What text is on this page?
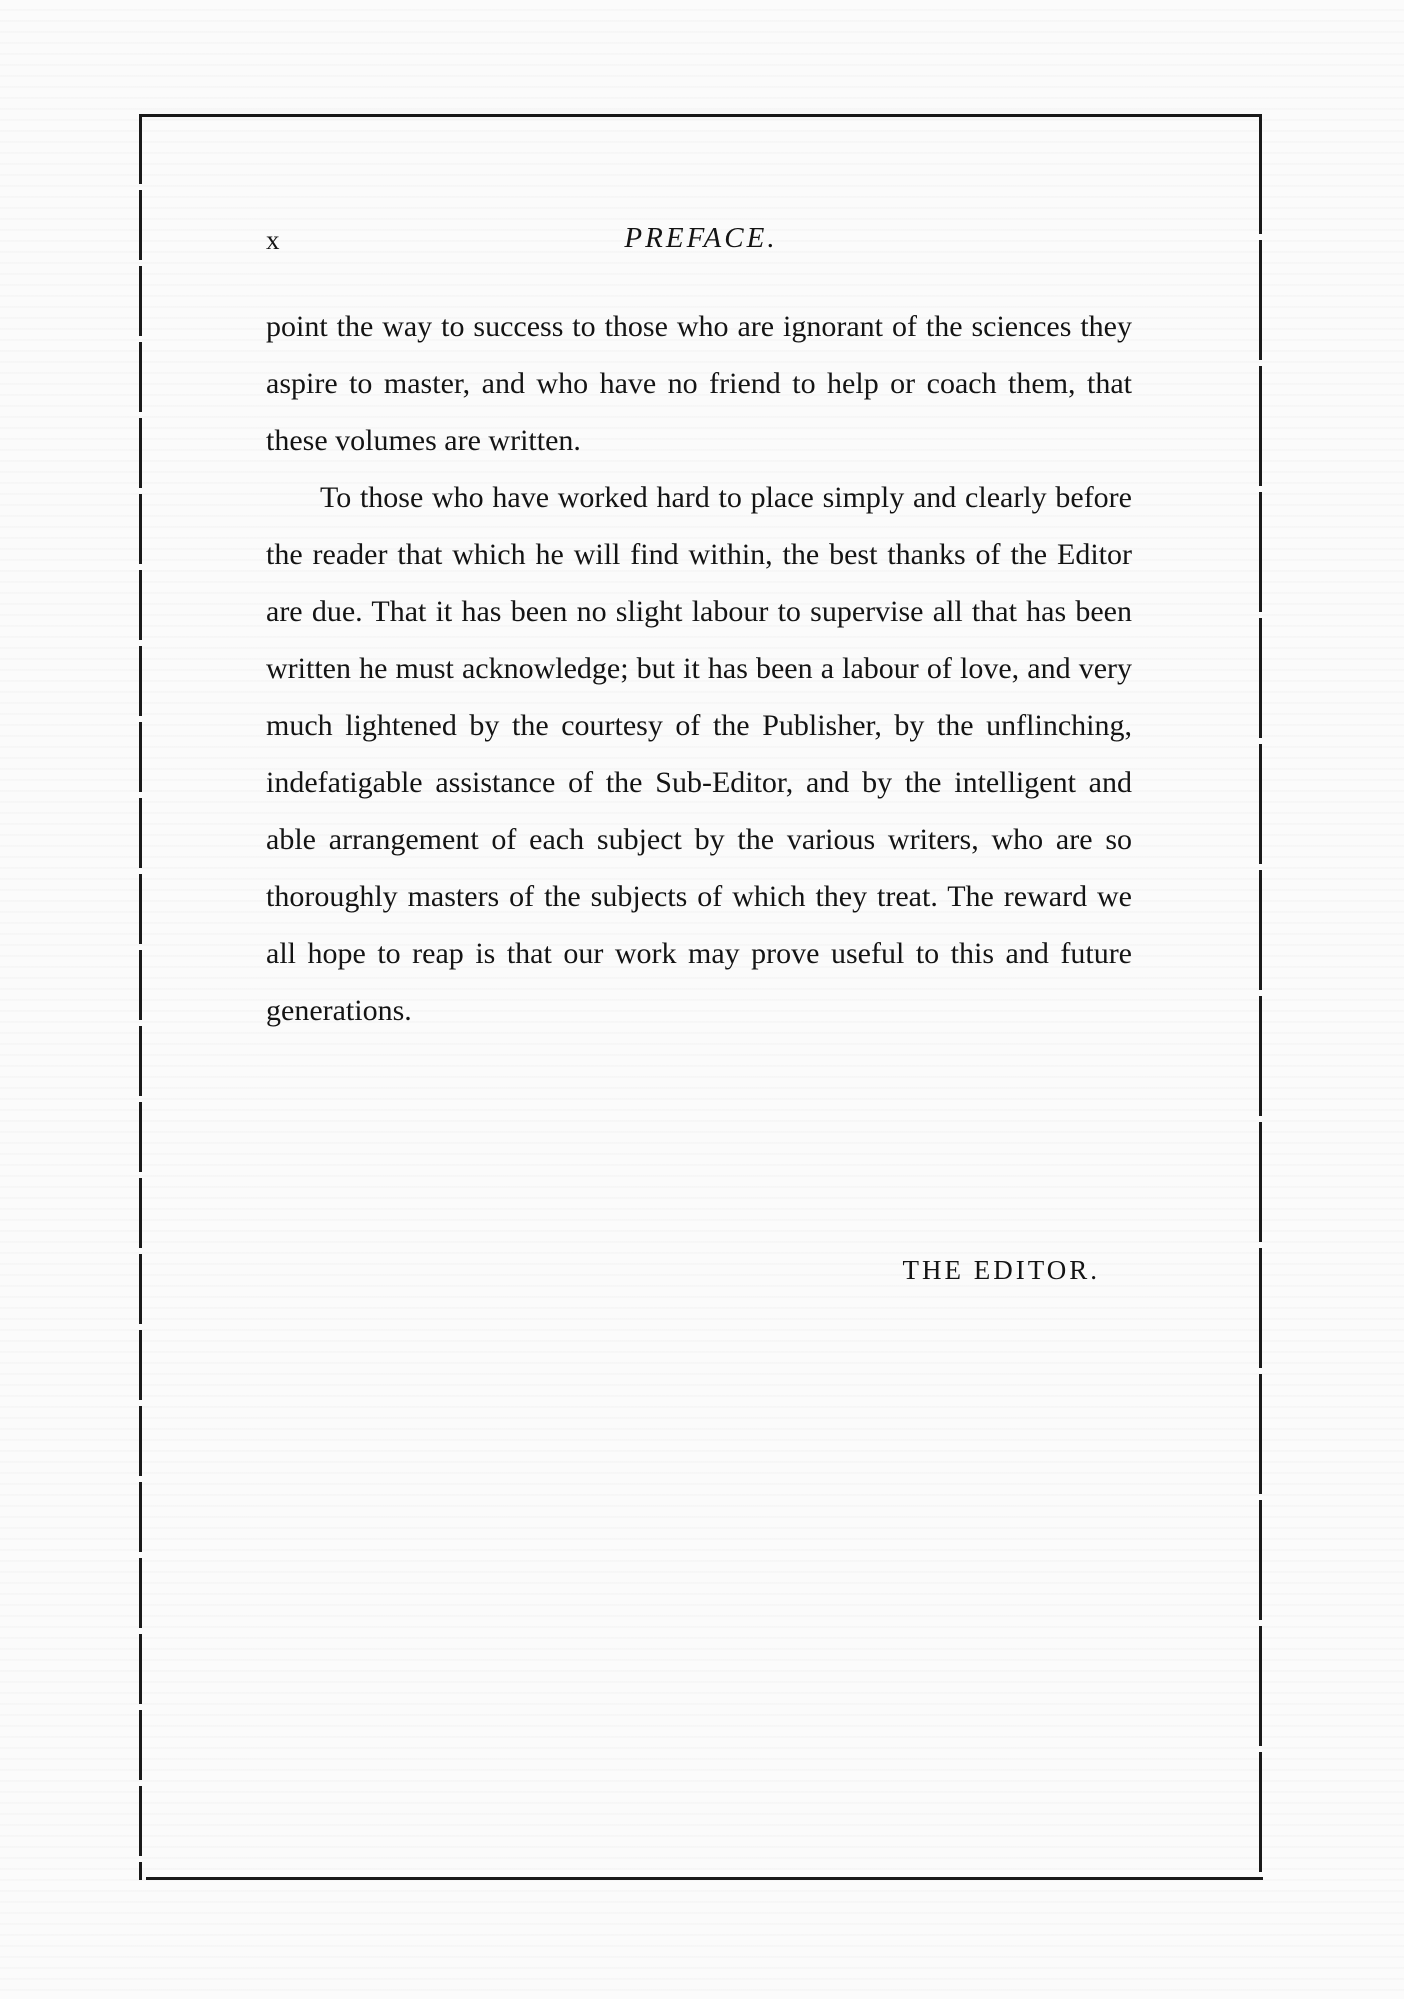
x	PREFACE.

point the way to success to those who are ignorant of the sciences they aspire to master, and who have no friend to help or coach them, that these volumes are written.

To those who have worked hard to place simply and clearly before the reader that which he will find within, the best thanks of the Editor are due. That it has been no slight labour to supervise all that has been written he must acknowledge; but it has been a labour of love, and very much lightened by the courtesy of the Publisher, by the unflinching, indefatigable assistance of the Sub-Editor, and by the intelligent and able arrangement of each subject by the various writers, who are so thoroughly masters of the subjects of which they treat. The reward we all hope to reap is that our work may prove useful to this and future generations.

THE EDITOR.
